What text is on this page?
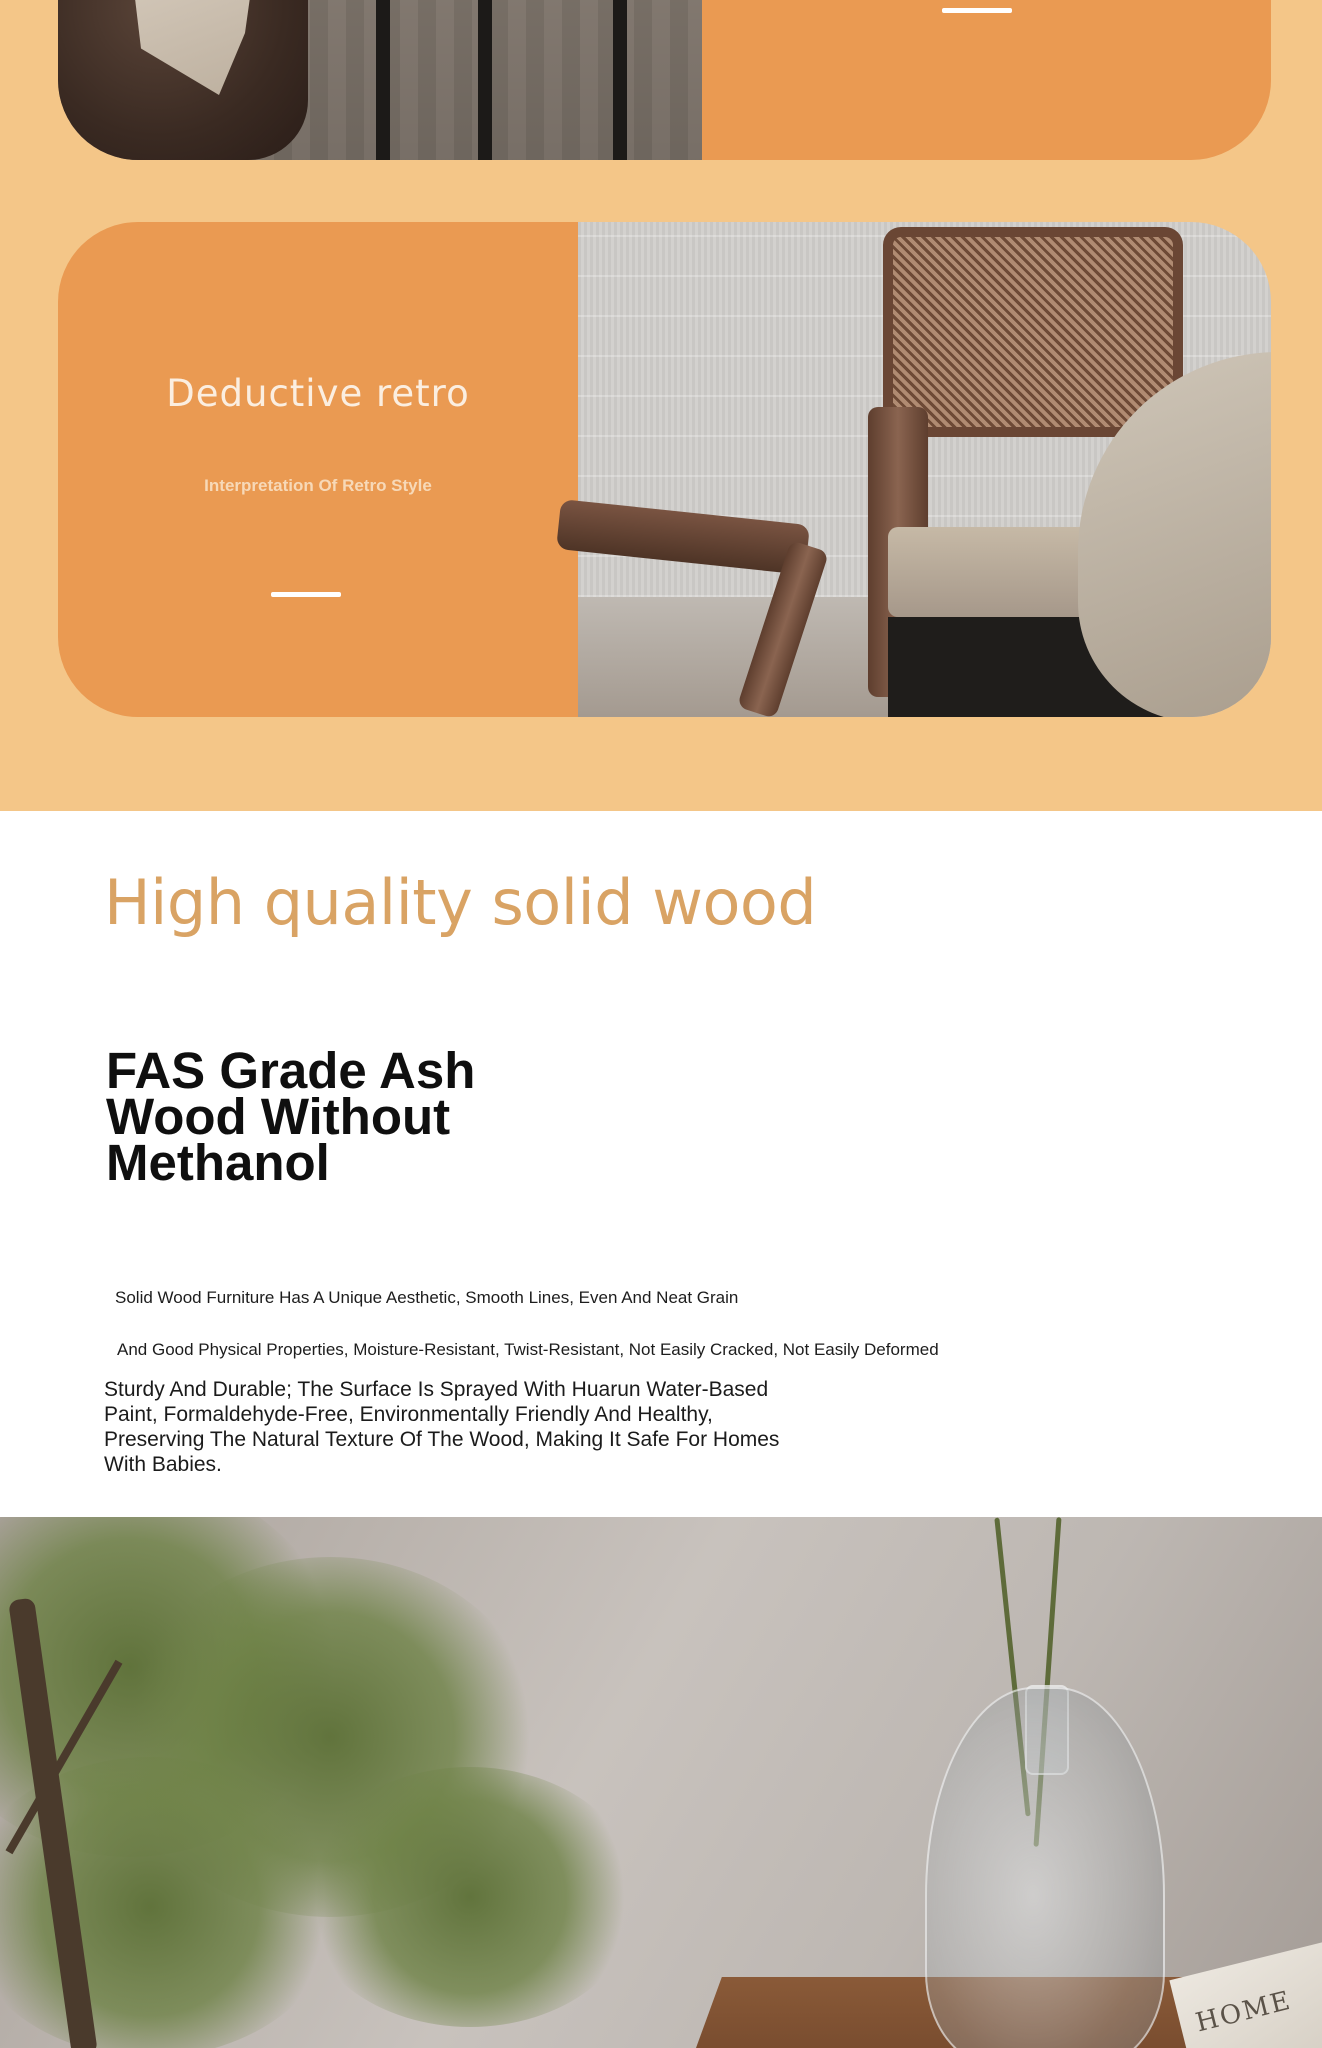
Deductive retro

Interpretation Of Retro Style

High quality solid wood
FAS Grade Ash Wood Without Methanol

Solid Wood Furniture Has A Unique Aesthetic, Smooth Lines, Even And Neat Grain

And Good Physical Properties, Moisture-Resistant, Twist-Resistant, Not Easily Cracked, Not Easily Deformed

Sturdy And Durable; The Surface Is Sprayed With Huarun Water-Based Paint, Formaldehyde-Free, Environmentally Friendly And Healthy, Preserving The Natural Texture Of The Wood, Making It Safe For Homes With Babies.

HOME
